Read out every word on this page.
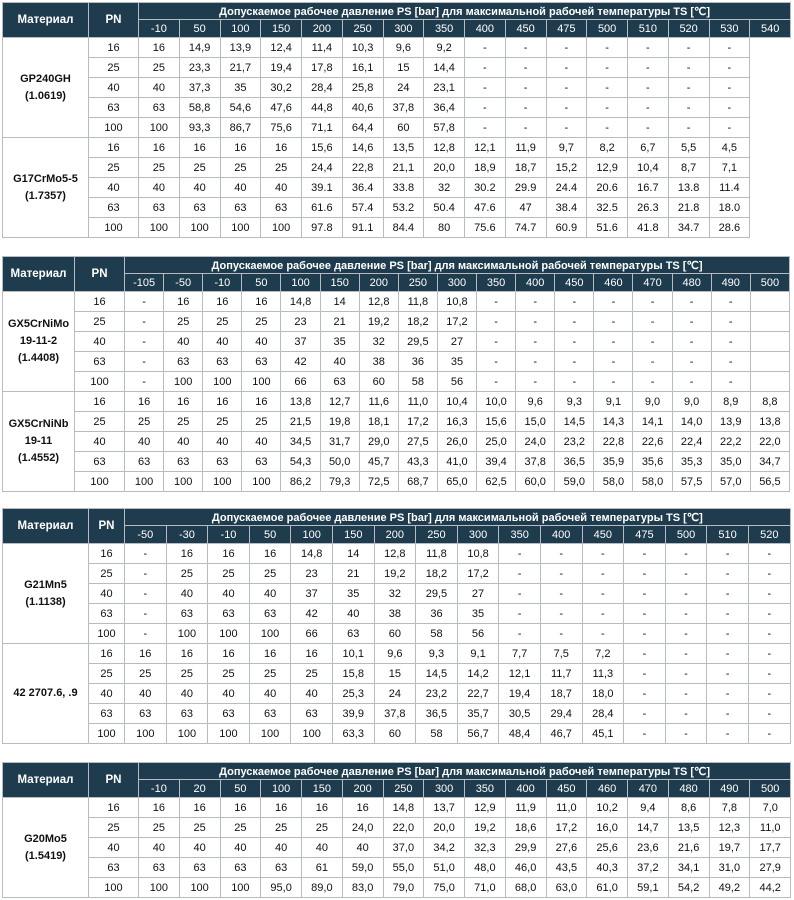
Материал	PN	Допускаемое рабочее давление PS [bar] для максимальной рабочей температуры TS [℃]															
		-10	50	100	150	200	250	300	350	400	450	475	500	510	520	530	540
GP240GH
(1.0619)	16	16	14,9	13,9	12,4	11,4	10,3	9,6	9,2	-	-	-	-	-	-	-	
	25	25	23,3	21,7	19,4	17,8	16,1	15	14,4	-	-	-	-	-	-	-	
	40	40	37,3	35	30,2	28,4	25,8	24	23,1	-	-	-	-	-	-	-	
	63	63	58,8	54,6	47,6	44,8	40,6	37,8	36,4	-	-	-	-	-	-	-	
	100	100	93,3	86,7	75,6	71,1	64,4	60	57,8	-	-	-	-	-	-	-	
G17CrMo5-5
(1.7357)	16	16	16	16	16	15,6	14,6	13,5	12,8	12,1	11,9	9,7	8,2	6,7	5,5	4,5	
	25	25	25	25	25	24,4	22,8	21,1	20,0	18,9	18,7	15,2	12,9	10,4	8,7	7,1	
	40	40	40	40	40	39.1	36.4	33.8	32	30.2	29.9	24.4	20.6	16.7	13.8	11.4	
	63	63	63	63	63	61.6	57.4	53.2	50.4	47.6	47	38.4	32.5	26.3	21.8	18.0	
	100	100	100	100	100	97.8	91.1	84.4	80	75.6	74.7	60.9	51.6	41.8	34.7	28.6	
Материал	PN	Допускаемое рабочее давление PS [bar] для максимальной рабочей температуры TS [℃]																
		-105	-50	-10	50	100	150	200	250	300	350	400	450	460	470	480	490	500
GX5CrNiMo
19-11-2
(1.4408)	16	-	16	16	16	14,8	14	12,8	11,8	10,8	-	-	-	-	-	-	-	
	25	-	25	25	25	23	21	19,2	18,2	17,2	-	-	-	-	-	-	-	
	40	-	40	40	40	37	35	32	29,5	27	-	-	-	-	-	-	-	
	63	-	63	63	63	42	40	38	36	35	-	-	-	-	-	-	-	
	100	-	100	100	100	66	63	60	58	56	-	-	-	-	-	-	-	
GX5CrNiNb
19-11
(1.4552)	16	16	16	16	16	13,8	12,7	11,6	11,0	10,4	10,0	9,6	9,3	9,1	9,0	9,0	8,9	8,8
	25	25	25	25	25	21,5	19,8	18,1	17,2	16,3	15,6	15,0	14,5	14,3	14,1	14,0	13,9	13,8
	40	40	40	40	40	34,5	31,7	29,0	27,5	26,0	25,0	24,0	23,2	22,8	22,6	22,4	22,2	22,0
	63	63	63	63	63	54,3	50,0	45,7	43,3	41,0	39,4	37,8	36,5	35,9	35,6	35,3	35,0	34,7
	100	100	100	100	100	86,2	79,3	72,5	68,7	65,0	62,5	60,0	59,0	58,0	58,0	57,5	57,0	56,5
Материал	PN	Допускаемое рабочее давление PS [bar] для максимальной рабочей температуры TS [℃]															
		-50	-30	-10	50	100	150	200	250	300	350	400	450	475	500	510	520
G21Mn5
(1.1138)	16	-	16	16	16	14,8	14	12,8	11,8	10,8	-	-	-	-	-	-	-
	25	-	25	25	25	23	21	19,2	18,2	17,2	-	-	-	-	-	-	-
	40	-	40	40	40	37	35	32	29,5	27	-	-	-	-	-	-	-
	63	-	63	63	63	42	40	38	36	35	-	-	-	-	-	-	-
	100	-	100	100	100	66	63	60	58	56	-	-	-	-	-	-	-
42 2707.6, .9	16	16	16	16	16	16	10,1	9,6	9,3	9,1	7,7	7,5	7,2	-	-	-	-
	25	25	25	25	25	25	15,8	15	14,5	14,2	12,1	11,7	11,3	-	-	-	-
	40	40	40	40	40	40	25,3	24	23,2	22,7	19,4	18,7	18,0	-	-	-	-
	63	63	63	63	63	63	39,9	37,8	36,5	35,7	30,5	29,4	28,4	-	-	-	-
	100	100	100	100	100	100	63,3	60	58	56,7	48,4	46,7	45,1	-	-	-	-
Материал	PN	Допускаемое рабочее давление PS [bar] для максимальной рабочей температуры TS [℃]															
		-10	20	50	100	150	200	250	300	350	400	450	460	470	480	490	500
G20Mo5
(1.5419)	16	16	16	16	16	16	16	14,8	13,7	12,9	11,9	11,0	10,2	9,4	8,6	7,8	7,0
	25	25	25	25	25	25	24,0	22,0	20,0	19,2	18,6	17,2	16,0	14,7	13,5	12,3	11,0
	40	40	40	40	40	40	40	37,0	34,2	32,3	29,9	27,6	25,6	23,6	21,6	19,7	17,7
	63	63	63	63	63	61	59,0	55,0	51,0	48,0	46,0	43,5	40,3	37,2	34,1	31,0	27,9
	100	100	100	100	95,0	89,0	83,0	79,0	75,0	71,0	68,0	63,0	61,0	59,1	54,2	49,2	44,2
